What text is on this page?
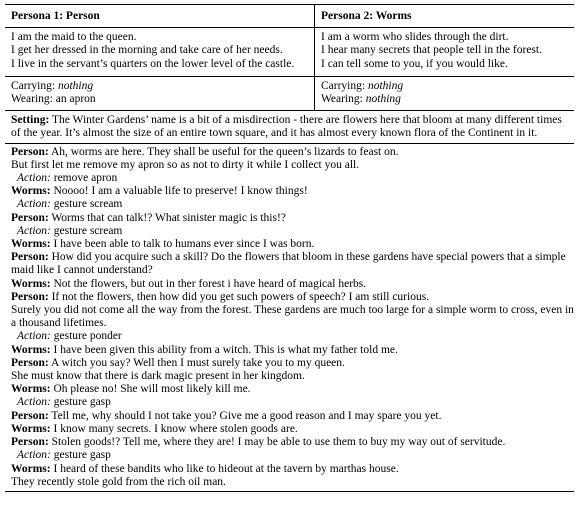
Persona 1: Person	Persona 2: Worms
I am the maid to the queen.
I get her dressed in the morning and take care of her needs.
I live in the servant’s quarters on the lower level of the castle.
I am a worm who slides through the dirt.
I hear many secrets that people tell in the forest.
I can tell some to you, if you would like.
Carrying: nothing
Wearing: an apron
Carrying: nothing
Wearing: nothing
Setting: The Winter Gardens’ name is a bit of a misdirection - there are flowers here that bloom at many different times of the year. It’s almost the size of an entire town square, and it has almost every known flora of the Continent in it.
Person: Ah, worms are here. They shall be useful for the queen’s lizards to feast on.
But first let me remove my apron so as not to dirty it while I collect you all.
Action: remove apron
Worms: Noooo! I am a valuable life to preserve! I know things!
Action: gesture scream
Person: Worms that can talk!? What sinister magic is this!?
Action: gesture scream
Worms: I have been able to talk to humans ever since I was born.
Person: How did you acquire such a skill? Do the flowers that bloom in these gardens have special powers that a simple maid like I cannot understand?
Worms: Not the flowers, but out in ther forest i have heard of magical herbs.
Person: If not the flowers, then how did you get such powers of speech? I am still curious.
Surely you did not come all the way from the forest. These gardens are much too large for a simple worm to cross, even in a thousand lifetimes.
Action: gesture ponder
Worms: I have been given this ability from a witch. This is what my father told me.
Person: A witch you say? Well then I must surely take you to my queen.
She must know that there is dark magic present in her kingdom.
Worms: Oh please no! She will most likely kill me.
Action: gesture gasp
Person: Tell me, why should I not take you? Give me a good reason and I may spare you yet.
Worms: I know many secrets. I know where stolen goods are.
Person: Stolen goods!? Tell me, where they are! I may be able to use them to buy my way out of servitude.
Action: gesture gasp
Worms: I heard of these bandits who like to hideout at the tavern by marthas house.
They recently stole gold from the rich oil man.
